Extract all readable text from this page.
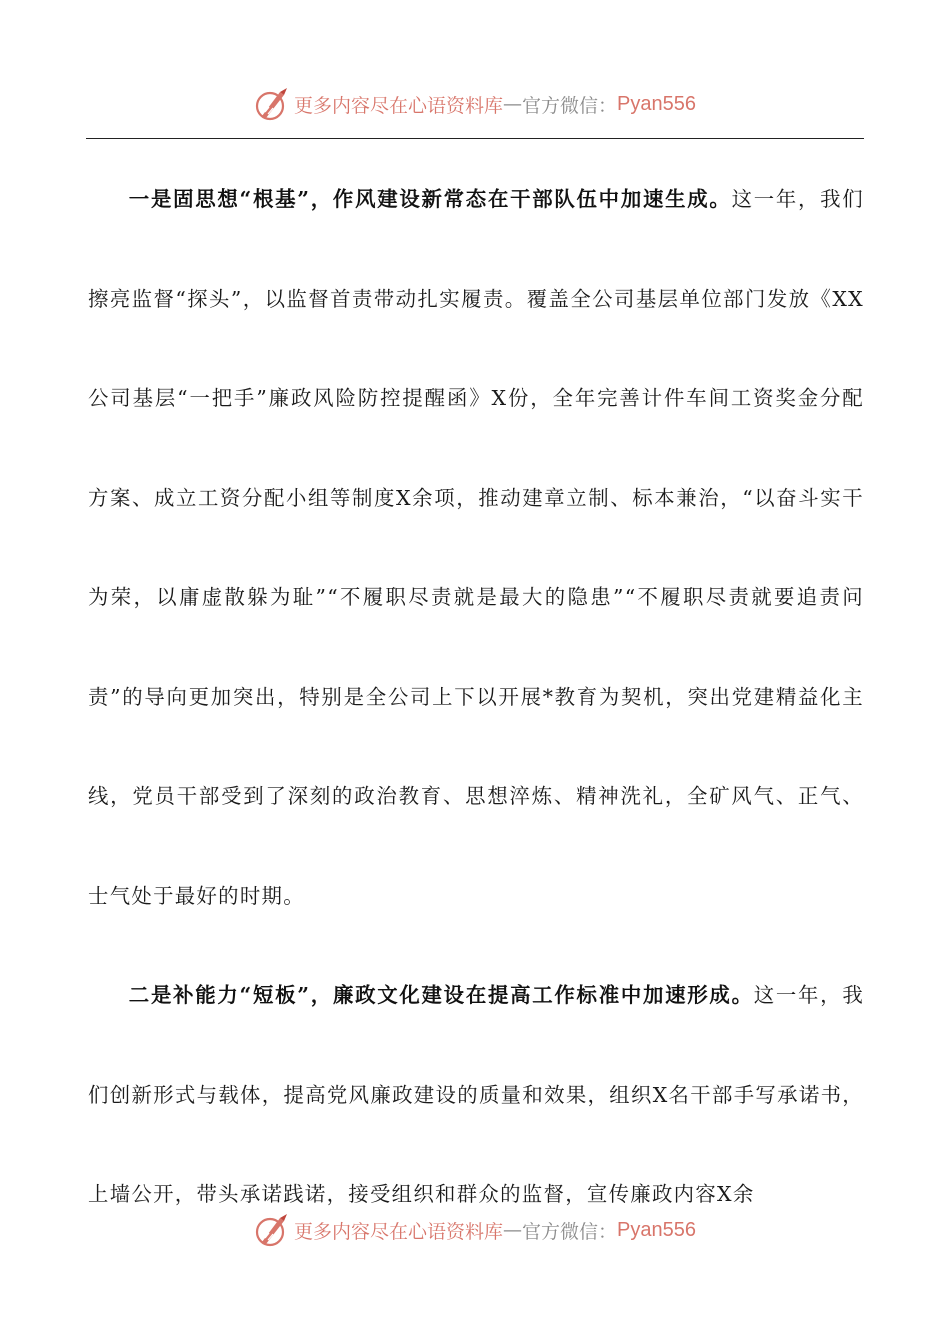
更多内容尽在心语资料库 — 官方微信： Pyan556

一是固思想“根基”，作风建设新常态在干部队伍中加速生成。这一年，我们擦亮监督“探头”，以监督首责带动扎实履责。覆盖全公司基层单位部门发放《XX公司基层“一把手”廉政风险防控提醒函》X份，全年完善计件车间工资奖金分配方案、成立工资分配小组等制度X余项，推动建章立制、标本兼治，“以奋斗实干为荣，以庸虚散躲为耻”“不履职尽责就是最大的隐患”“不履职尽责就要追责问责”的导向更加突出，特别是全公司上下以开展*教育为契机，突出党建精益化主线，党员干部受到了深刻的政治教育、思想淬炼、精神洗礼，全矿风气、正气、士气处于最好的时期。

二是补能力“短板”，廉政文化建设在提高工作标准中加速形成。这一年，我们创新形式与载体，提高党风廉政建设的质量和效果，组织X名干部手写承诺书，上墙公开，带头承诺践诺，接受组织和群众的监督，宣传廉政内容X余

更多内容尽在心语资料库 — 官方微信： Pyan556
